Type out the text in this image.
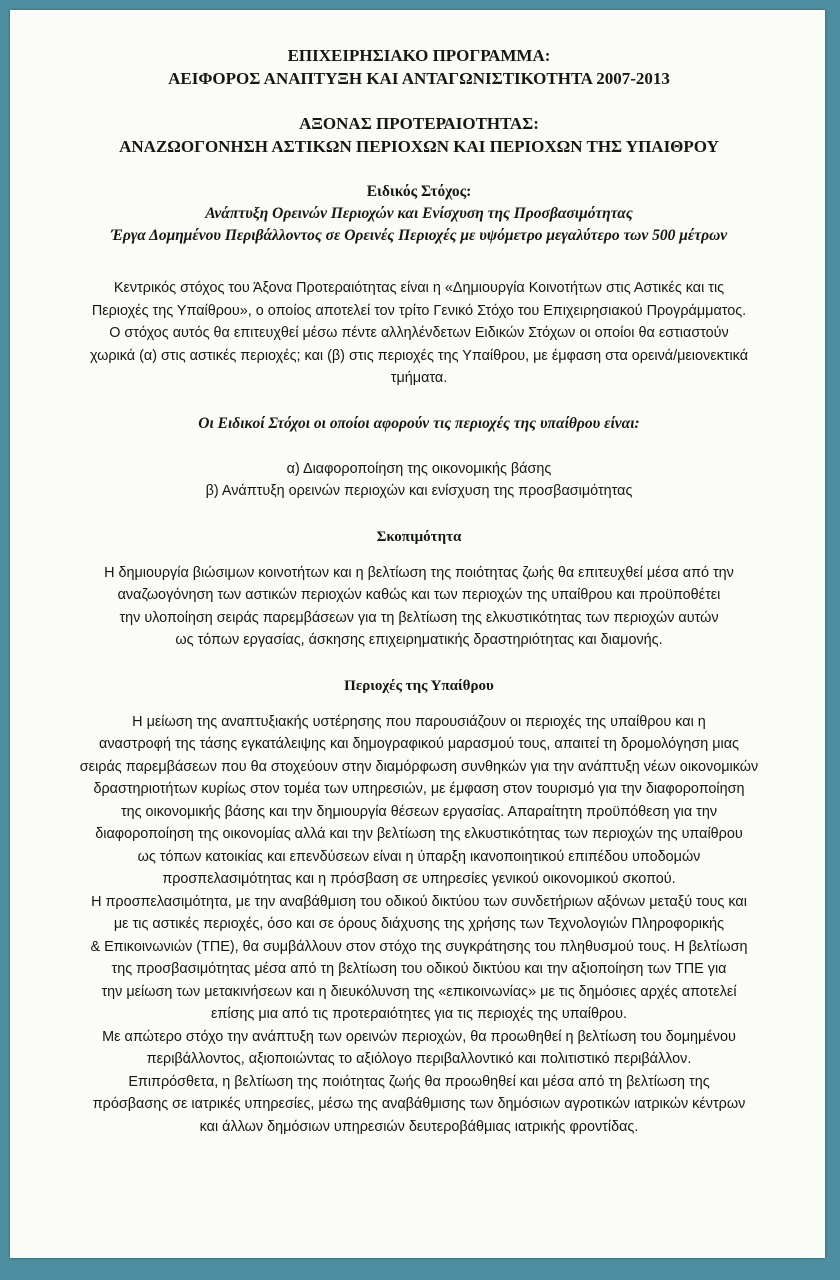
ΕΠΙΧΕΙΡΗΣΙΑΚΟ ΠΡΟΓΡΑΜΜΑ:

ΑΕΙΦΟΡΟΣ ΑΝΑΠΤΥΞΗ ΚΑΙ ΑΝΤΑΓΩΝΙΣΤΙΚΟΤΗΤΑ 2007-2013

ΑΞΟΝΑΣ ΠΡΟΤΕΡΑΙΟΤΗΤΑΣ:

ΑΝΑΖΩΟΓΟΝΗΣΗ ΑΣΤΙΚΩΝ ΠΕΡΙΟΧΩΝ ΚΑΙ ΠΕΡΙΟΧΩΝ ΤΗΣ ΥΠΑΙΘΡΟΥ

Ειδικός Στόχος:

Ανάπτυξη Ορεινών Περιοχών και Ενίσχυση της Προσβασιμότητας

Έργα Δομημένου Περιβάλλοντος σε Ορεινές Περιοχές με υψόμετρο μεγαλύτερο των 500 μέτρων

Κεντρικός στόχος του Άξονα Προτεραιότητας είναι η «Δημιουργία Κοινοτήτων στις Αστικές και τις

Περιοχές της Υπαίθρου», ο οποίος αποτελεί τον τρίτο Γενικό Στόχο του Επιχειρησιακού Προγράμματος.

Ο στόχος αυτός θα επιτευχθεί μέσω πέντε αλληλένδετων Ειδικών Στόχων οι οποίοι θα εστιαστούν

χωρικά (α) στις αστικές περιοχές; και (β) στις περιοχές της Υπαίθρου, με έμφαση στα ορεινά/μειονεκτικά

τμήματα.

Οι Ειδικοί Στόχοι οι οποίοι αφορούν τις περιοχές της υπαίθρου είναι:

α) Διαφοροποίηση της οικονομικής βάσης

β) Ανάπτυξη ορεινών περιοχών και ενίσχυση της προσβασιμότητας

Σκοπιμότητα

Η δημιουργία βιώσιμων κοινοτήτων και η βελτίωση της ποιότητας ζωής θα επιτευχθεί μέσα από την

αναζωογόνηση των αστικών περιοχών καθώς και των περιοχών της υπαίθρου και προϋποθέτει

την υλοποίηση σειράς παρεμβάσεων για τη βελτίωση της ελκυστικότητας των περιοχών αυτών

ως τόπων εργασίας, άσκησης επιχειρηματικής δραστηριότητας και διαμονής.

Περιοχές της Υπαίθρου

Η μείωση της αναπτυξιακής υστέρησης που παρουσιάζουν οι περιοχές της υπαίθρου και η

αναστροφή της τάσης εγκατάλειψης και δημογραφικού μαρασμού τους, απαιτεί τη δρομολόγηση μιας

σειράς παρεμβάσεων που θα στοχεύουν στην διαμόρφωση συνθηκών για την ανάπτυξη νέων οικονομικών

δραστηριοτήτων κυρίως στον τομέα των υπηρεσιών, με έμφαση στον τουρισμό για την διαφοροποίηση

της οικονομικής βάσης και την δημιουργία θέσεων εργασίας. Απαραίτητη προϋπόθεση για την

διαφοροποίηση της οικονομίας αλλά και την βελτίωση της ελκυστικότητας των περιοχών της υπαίθρου

ως τόπων κατοικίας και επενδύσεων είναι η ύπαρξη ικανοποιητικού επιπέδου υποδομών

προσπελασιμότητας και η πρόσβαση σε υπηρεσίες γενικού οικονομικού σκοπού.

Η προσπελασιμότητα, με την αναβάθμιση του οδικού δικτύου των συνδετήριων αξόνων μεταξύ τους και

με τις αστικές περιοχές, όσο και σε όρους διάχυσης της χρήσης των Τεχνολογιών Πληροφορικής

& Επικοινωνιών (ΤΠΕ), θα συμβάλλουν στον στόχο της συγκράτησης του πληθυσμού τους. Η βελτίωση

της προσβασιμότητας μέσα από τη βελτίωση του οδικού δικτύου και την αξιοποίηση των ΤΠΕ για

την μείωση των μετακινήσεων και η διευκόλυνση της «επικοινωνίας» με τις δημόσιες αρχές αποτελεί

επίσης μια από τις προτεραιότητες για τις περιοχές της υπαίθρου.

Με απώτερο στόχο την ανάπτυξη των ορεινών περιοχών, θα προωθηθεί η βελτίωση του δομημένου

περιβάλλοντος, αξιοποιώντας το αξιόλογο περιβαλλοντικό και πολιτιστικό περιβάλλον.

Επιπρόσθετα, η βελτίωση της ποιότητας ζωής θα προωθηθεί και μέσα από τη βελτίωση της

πρόσβασης σε ιατρικές υπηρεσίες, μέσω της αναβάθμισης των δημόσιων αγροτικών ιατρικών κέντρων

και άλλων δημόσιων υπηρεσιών δευτεροβάθμιας ιατρικής φροντίδας.
